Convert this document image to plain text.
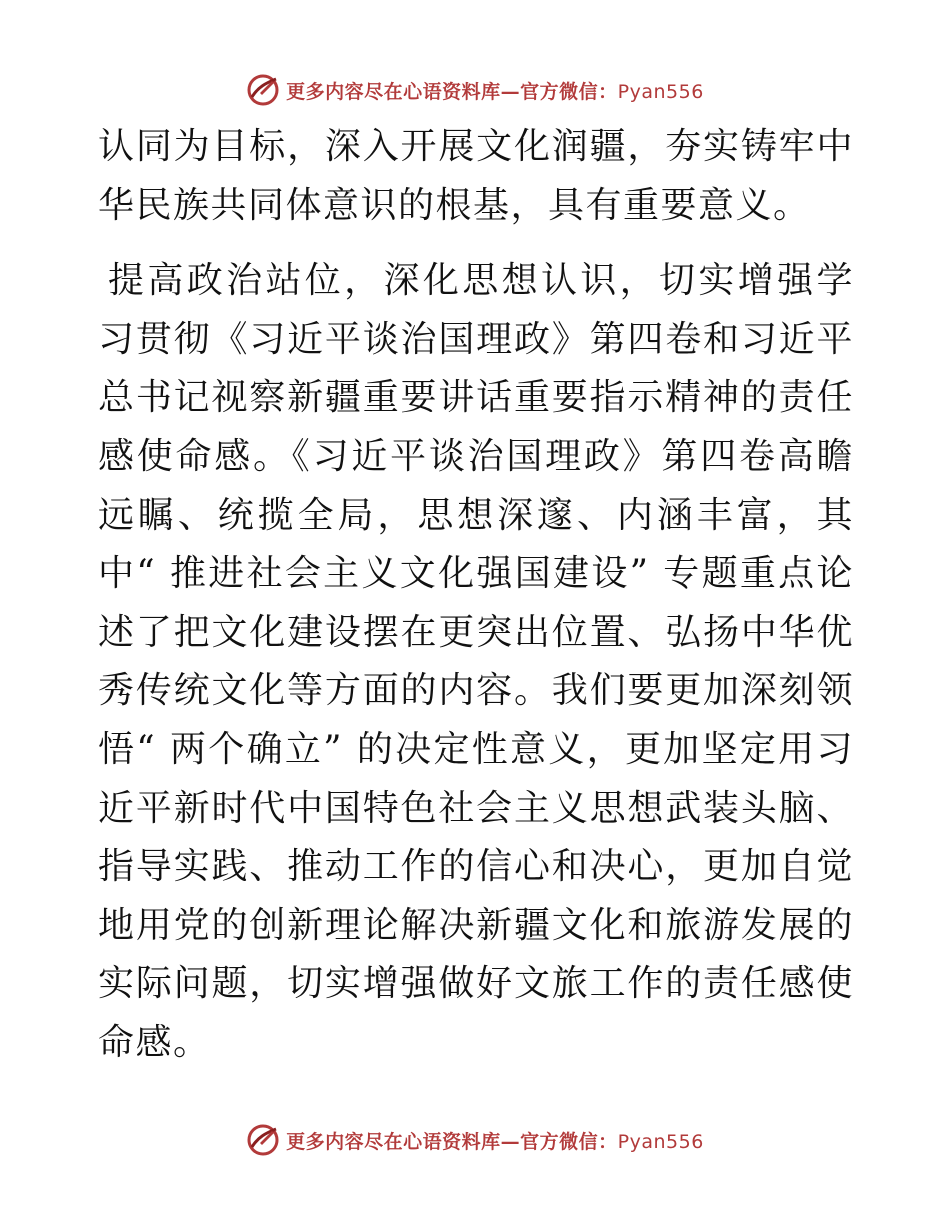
更多内容尽在心语资料库—官方微信：Pyan556

认同为目标，深入开展文化润疆，夯实铸牢中华民族共同体意识的根基，具有重要意义。

提高政治站位，深化思想认识，切实增强学习贯彻《习近平谈治国理政》第四卷和习近平总书记视察新疆重要讲话重要指示精神的责任感使命感。《习近平谈治国理政》第四卷高瞻远瞩、统揽全局，思想深邃、内涵丰富，其中“ 推进社会主义文化强国建设” 专题重点论述了把文化建设摆在更突出位置、弘扬中华优秀传统文化等方面的内容。我们要更加深刻领悟“ 两个确立” 的决定性意义，更加坚定用习近平新时代中国特色社会主义思想武装头脑、指导实践、推动工作的信心和决心，更加自觉地用党的创新理论解决新疆文化和旅游发展的实际问题，切实增强做好文旅工作的责任感使命感。

更多内容尽在心语资料库—官方微信：Pyan556
